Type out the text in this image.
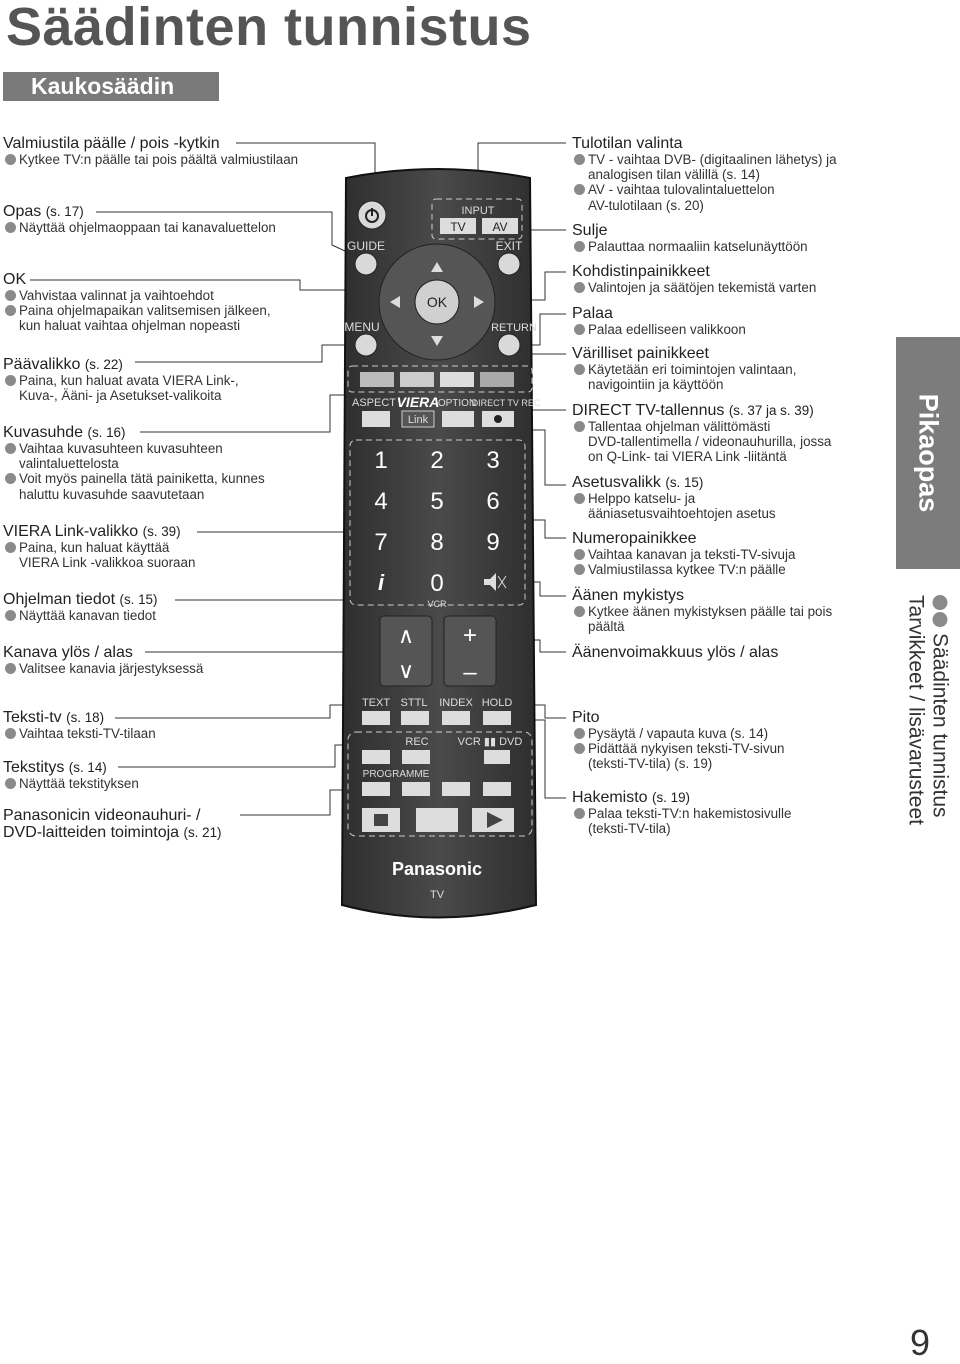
Säädinten tunnistus
Kaukosäädin
Valmiustila päälle / pois -kytkin
Kytkee TV:n päälle tai pois päältä valmiustilaan
Opas (s. 17)
Näyttää ohjelmaoppaan tai kanavaluettelon
OK
Vahvistaa valinnat ja vaihtoehdot
Paina ohjelmapaikan valitsemisen jälkeen,
kun haluat vaihtaa ohjelman nopeasti
Päävalikko (s. 22)
Paina, kun haluat avata VIERA Link-,
Kuva-, Ääni- ja Asetukset-valikoita
Kuvasuhde (s. 16)
Vaihtaa kuvasuhteen kuvasuhteen
valintaluettelosta
Voit myös painella tätä painiketta, kunnes
haluttu kuvasuhde saavutetaan
VIERA Link-valikko (s. 39)
Paina, kun haluat käyttää
VIERA Link -valikkoa suoraan
Ohjelman tiedot (s. 15)
Näyttää kanavan tiedot
Kanava ylös / alas
Valitsee kanavia järjestyksessä
Teksti-tv (s. 18)
Vaihtaa teksti-TV-tilaan
Tekstitys (s. 14)
Näyttää tekstityksen
Panasonicin videonauhuri- /
DVD-laitteiden toimintoja (s. 21)
Tulotilan valinta
TV - vaihtaa DVB- (digitaalinen lähetys) ja
analogisen tilan välillä (s. 14)
AV - vaihtaa tulovalintaluettelon
AV-tulotilaan (s. 20)
Sulje
Palauttaa normaaliin katselunäyttöön
Kohdistinpainikkeet
Valintojen ja säätöjen tekemistä varten
Palaa
Palaa edelliseen valikkoon
Värilliset painikkeet
Käytetään eri toimintojen valintaan,
navigointiin ja käyttöön
DIRECT TV-tallennus (s. 37 ja s. 39)
Tallentaa ohjelman välittömästi
DVD-tallentimella / videonauhurilla, jossa
on Q-Link- tai VIERA Link -liitäntä
Asetusvalikk (s. 15)
Helppo katselu- ja
ääniasetusvaihtoehtojen asetus
Numeropainikkee
Vaihtaa kanavan ja teksti-TV-sivuja
Valmiustilassa kytkee TV:n päälle
Äänen mykistys
Kytkee äänen mykistyksen päälle tai pois
päältä
Äänenvoimakkuus ylös / alas
Pito
Pysäytä / vapauta kuva (s. 14)
Pidättää nykyisen teksti-TV-sivun
(teksti-TV-tila) (s. 19)
Hakemisto (s. 19)
Palaa teksti-TV:n hakemistosivulle
(teksti-TV-tila)
INPUT
TV AV
GUIDE	EXIT
OK
MENU	RETURN
ASPECT VIERA
OPTION
DIRECT TV REC
Link
1 2 3
4 5 6
7 8 9
i 0
VCR
∧
∨
+
–
TEXT STTL INDEX HOLD
REC	VCR ▮▮ DVD
PROGRAMME
Panasonic
TV
Pikaopas
Säädinten tunnistus
Tarvikkeet / lisävarusteet
9
